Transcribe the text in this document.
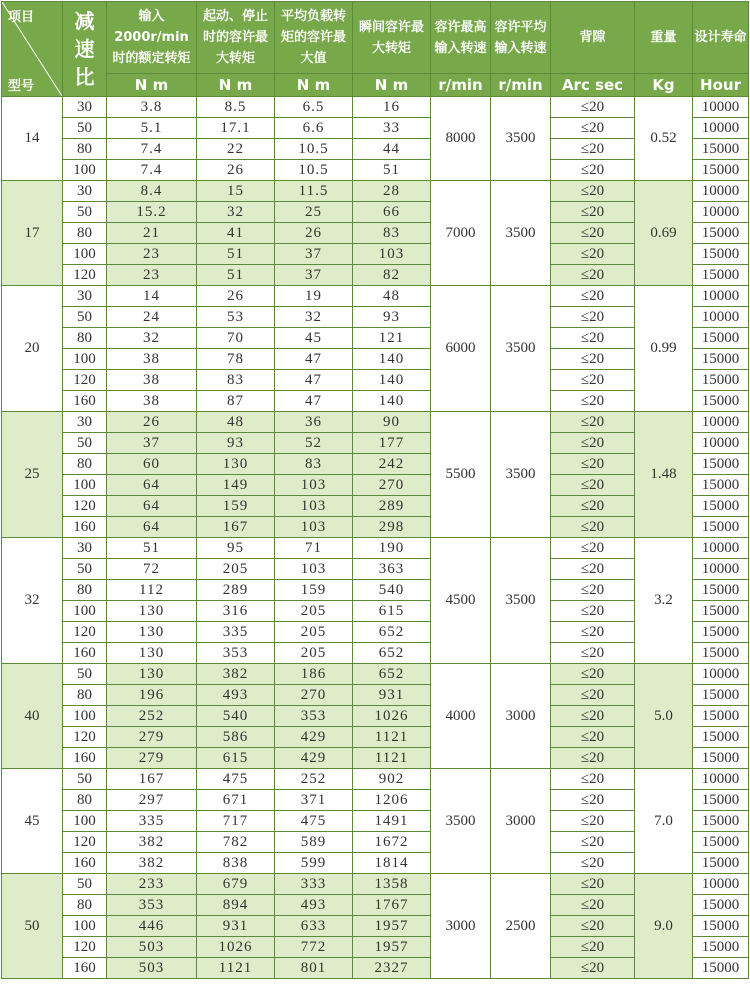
项目
型号	减速比	输入2000r/min 时的额定转矩	起动、停止时的容许最大转矩	平均负载转矩的容许最大值	瞬间容许最大转矩	容许最高输入转速	容许平均输入转速	背隙	重量	设计寿命

		N m	N m	N m	N m	r/min	r/min	Arc sec	Kg	Hour
14	30	3.8	8.5	6.5	16	8000	3500	≤20	0.52	10000
	50	5.1	17.1	6.6	33			≤20		10000
	80	7.4	22	10.5	44			≤20		15000
	100	7.4	26	10.5	51			≤20		15000
17	30	8.4	15	11.5	28	7000	3500	≤20	0.69	10000
	50	15.2	32	25	66			≤20		10000
	80	21	41	26	83			≤20		15000
	100	23	51	37	103			≤20		15000
	120	23	51	37	82			≤20		15000
20	30	14	26	19	48	6000	3500	≤20	0.99	10000
	50	24	53	32	93			≤20		10000
	80	32	70	45	121			≤20		15000
	100	38	78	47	140			≤20		15000
	120	38	83	47	140			≤20		15000
	160	38	87	47	140			≤20		15000
25	30	26	48	36	90	5500	3500	≤20	1.48	10000
	50	37	93	52	177			≤20		10000
	80	60	130	83	242			≤20		15000
	100	64	149	103	270			≤20		15000
	120	64	159	103	289			≤20		15000
	160	64	167	103	298			≤20		15000
32	30	51	95	71	190	4500	3500	≤20	3.2	10000
	50	72	205	103	363			≤20		10000
	80	112	289	159	540			≤20		15000
	100	130	316	205	615			≤20		15000
	120	130	335	205	652			≤20		15000
	160	130	353	205	652			≤20		15000
40	50	130	382	186	652	4000	3000	≤20	5.0	10000
	80	196	493	270	931			≤20		15000
	100	252	540	353	1026			≤20		15000
	120	279	586	429	1121			≤20		15000
	160	279	615	429	1121			≤20		15000
45	50	167	475	252	902	3500	3000	≤20	7.0	10000
	80	297	671	371	1206			≤20		15000
	100	335	717	475	1491			≤20		15000
	120	382	782	589	1672			≤20		15000
	160	382	838	599	1814			≤20		15000
50	50	233	679	333	1358	3000	2500	≤20	9.0	10000
	80	353	894	493	1767			≤20		15000
	100	446	931	633	1957			≤20		15000
	120	503	1026	772	1957			≤20		15000
	160	503	1121	801	2327			≤20		15000
